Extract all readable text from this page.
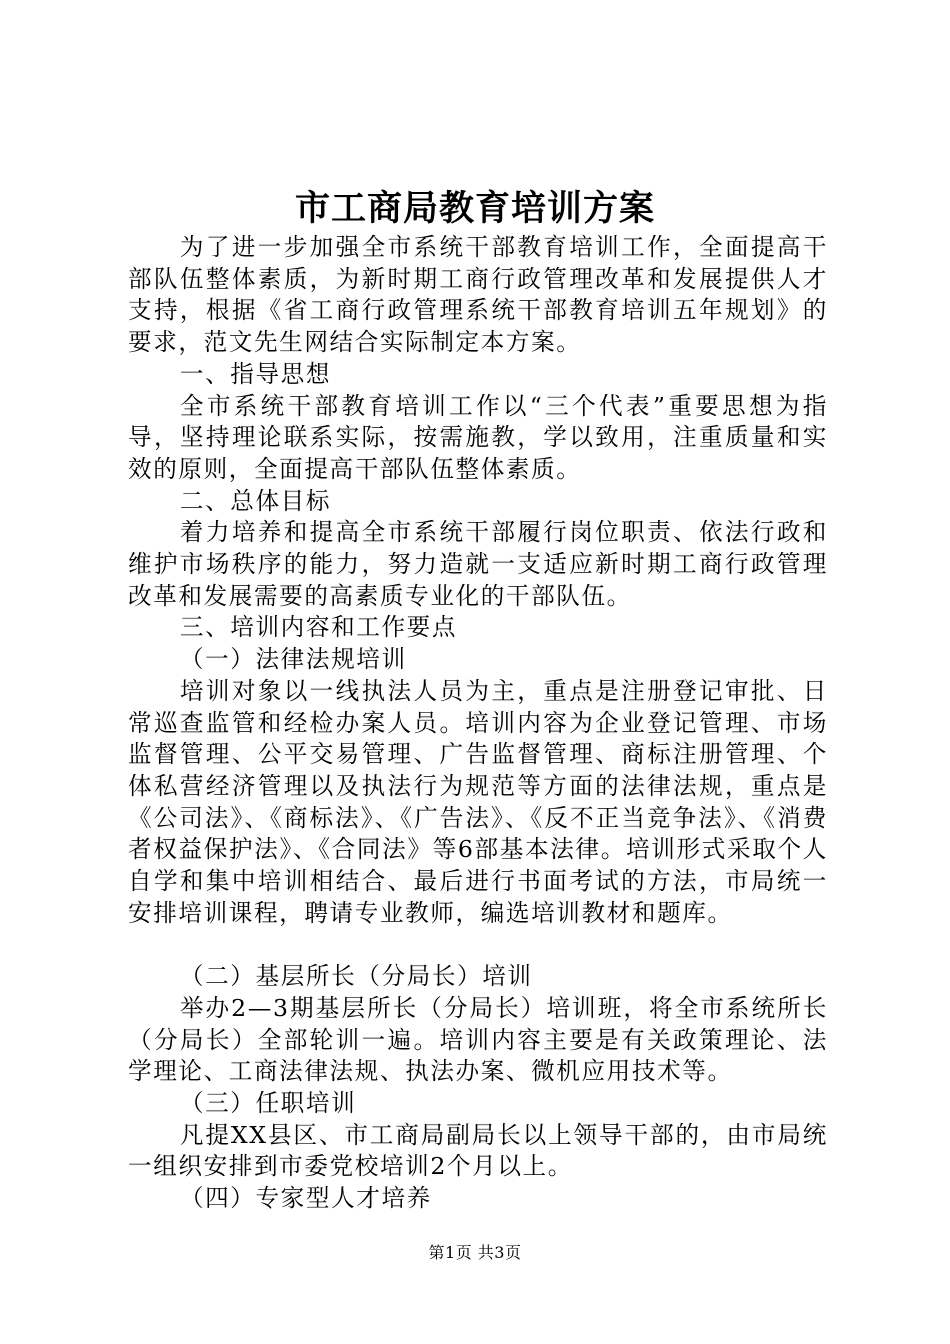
市工商局教育培训方案

为了进一步加强全市系统干部教育培训工作，全面提高干部队伍整体素质，为新时期工商行政管理改革和发展提供人才支持，根据《省工商行政管理系统干部教育培训五年规划》的要求，范文先生网结合实际制定本方案。

一、指导思想

全市系统干部教育培训工作以“三个代表”重要思想为指导，坚持理论联系实际，按需施教，学以致用，注重质量和实效的原则，全面提高干部队伍整体素质。

二、总体目标

着力培养和提高全市系统干部履行岗位职责、依法行政和维护市场秩序的能力，努力造就一支适应新时期工商行政管理改革和发展需要的高素质专业化的干部队伍。

三、培训内容和工作要点

（一）法律法规培训

培训对象以一线执法人员为主，重点是注册登记审批、日常巡查监管和经检办案人员。培训内容为企业登记管理、市场监督管理、公平交易管理、广告监督管理、商标注册管理、个体私营经济管理以及执法行为规范等方面的法律法规，重点是《公司法》、《商标法》、《广告法》、《反不正当竞争法》、《消费者权益保护法》、《合同法》等6部基本法律。培训形式采取个人自学和集中培训相结合、最后进行书面考试的方法，市局统一安排培训课程，聘请专业教师，编选培训教材和题库。

（二）基层所长（分局长）培训

举办2—3期基层所长（分局长）培训班，将全市系统所长（分局长）全部轮训一遍。培训内容主要是有关政策理论、法学理论、工商法律法规、执法办案、微机应用技术等。

（三）任职培训

凡提XX县区、市工商局副局长以上领导干部的，由市局统一组织安排到市委党校培训2个月以上。

（四）专家型人才培养

第1页 共3页
